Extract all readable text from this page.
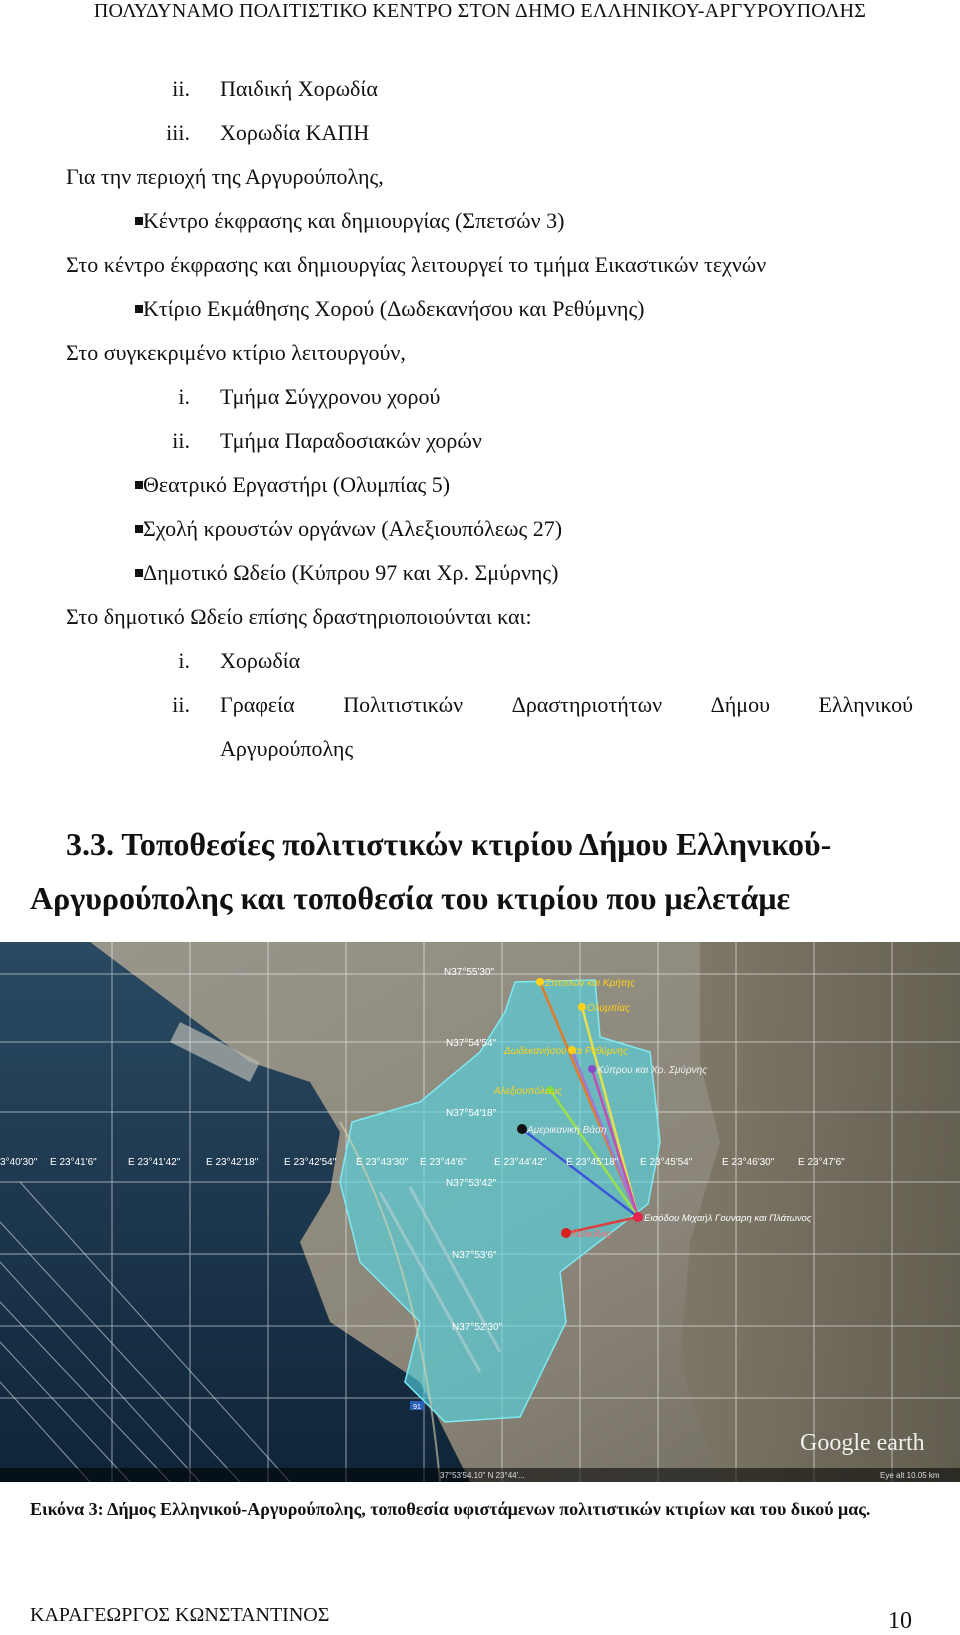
ΠΟΛΥΔΥΝΑΜΟ ΠΟΛΙΤΙΣΤΙΚΟ ΚΕΝΤΡΟ ΣΤΟΝ ΔΗΜΟ ΕΛΛΗΝΙΚΟΥ-ΑΡΓΥΡΟΥΠΟΛΗΣ
ii. Παιδική Χορωδία
iii. Χορωδία ΚΑΠΗ
Για την περιοχή της Αργυρούπολης,
Κέντρο έκφρασης και δημιουργίας (Σπετσών 3)
Στο κέντρο έκφρασης και δημιουργίας λειτουργεί το τμήμα Εικαστικών τεχνών
Κτίριο Εκμάθησης Χορού (Δωδεκανήσου και Ρεθύμνης)
Στο συγκεκριμένο κτίριο λειτουργούν,
i. Τμήμα Σύγχρονου χορού
ii. Τμήμα Παραδοσιακών χορών
Θεατρικό Εργαστήρι (Ολυμπίας 5)
Σχολή κρουστών οργάνων (Αλεξιουπόλεως 27)
Δημοτικό Ωδείο (Κύπρου 97 και Χρ. Σμύρνης)
Στο δημοτικό Ωδείο επίσης δραστηριοποιούνται και:
i. Χορωδία
ii. Γραφεία Πολιτιστικών Δραστηριοτήτων Δήμου Ελληνικού
Αργυρούπολης
3.3. Τοποθεσίες πολιτιστικών κτιρίου Δήμου Ελληνικού-
Αργυρούπολης και τοποθεσία του κτιρίου που μελετάμε
91
Σπετσών και Κρήτης
Ολυμπίας
Δωδεκανήσου και Ρεθύμνης
Κύπρου και Χρ. Σμύρνης
Αλεξιουπόλεως
Αμερικανική Βάση
Χαλκίδας
Εισόδου Μιχαήλ Γουναρη και Πλάτωνος
N37°55'30"
N37°54'54"
N37°54'18"
N37°53'42"
N37°53'6"
N37°52'30"
3°40'30" E 23°41'6"	E 23°41'42"	E 23°42'18"	E 23°42'54" E 23°43'30" E 23°44'6"	E 23°44'42" E 23°45'18" E 23°45'54"	E 23°46'30" E 23°47'6"
37°53'54.10" N 23°44'...	Eye alt 10.05 km
Google earth
Εικόνα 3: Δήμος Ελληνικού-Αργυρούπολης, τοποθεσία υφιστάμενων πολιτιστικών κτιρίων και του δικού μας.
ΚΑΡΑΓΕΩΡΓΟΣ ΚΩΝΣΤΑΝΤΙΝΟΣ	10
